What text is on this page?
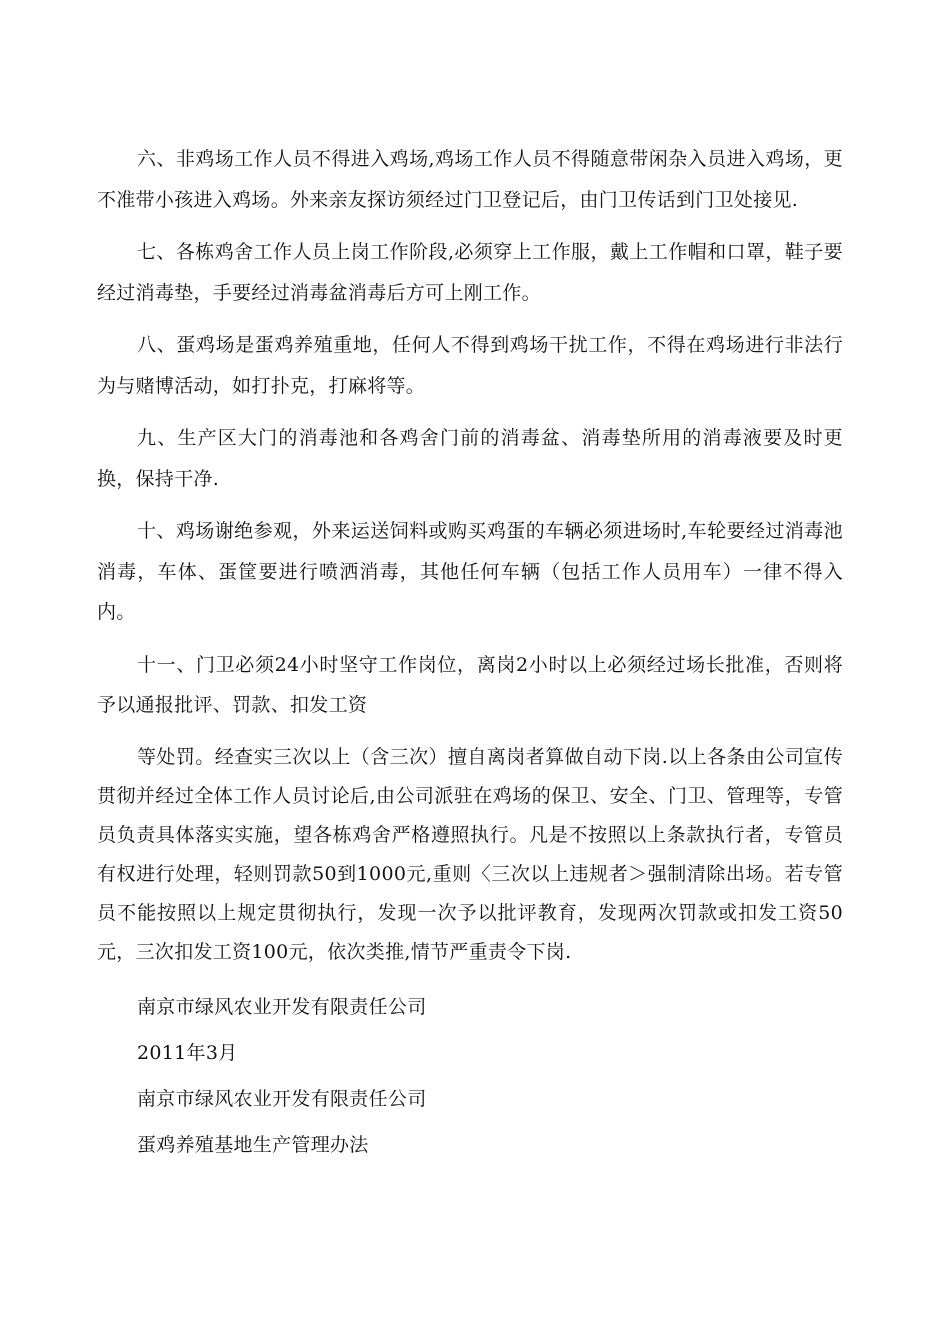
六、非鸡场工作人员不得进入鸡场,鸡场工作人员不得随意带闲杂入员进入鸡场，更不准带小孩进入鸡场。外来亲友探访须经过门卫登记后，由门卫传话到门卫处接见.

七、各栋鸡舍工作人员上岗工作阶段,必须穿上工作服，戴上工作帽和口罩，鞋子要经过消毒垫，手要经过消毒盆消毒后方可上刚工作。

八、蛋鸡场是蛋鸡养殖重地，任何人不得到鸡场干扰工作，不得在鸡场进行非法行为与赌博活动，如打扑克，打麻将等。

九、生产区大门的消毒池和各鸡舍门前的消毒盆、消毒垫所用的消毒液要及时更换，保持干净.

十、鸡场谢绝参观，外来运送饲料或购买鸡蛋的车辆必须进场时,车轮要经过消毒池消毒，车体、蛋筐要进行喷洒消毒，其他任何车辆（包括工作人员用车）一律不得入内。

十一、门卫必须24小时坚守工作岗位，离岗2小时以上必须经过场长批准，否则将予以通报批评、罚款、扣发工资

等处罚。经查实三次以上（含三次）擅自离岗者算做自动下岗.以上各条由公司宣传贯彻并经过全体工作人员讨论后,由公司派驻在鸡场的保卫、安全、门卫、管理等，专管员负责具体落实实施，望各栋鸡舍严格遵照执行。凡是不按照以上条款执行者，专管员有权进行处理，轻则罚款50到1000元,重则〈三次以上违规者＞强制清除出场。若专管员不能按照以上规定贯彻执行，发现一次予以批评教育，发现两次罚款或扣发工资50元，三次扣发工资100元，依次类推,情节严重责令下岗.

南京市绿风农业开发有限责任公司

2011年3月

南京市绿风农业开发有限责任公司

蛋鸡养殖基地生产管理办法
